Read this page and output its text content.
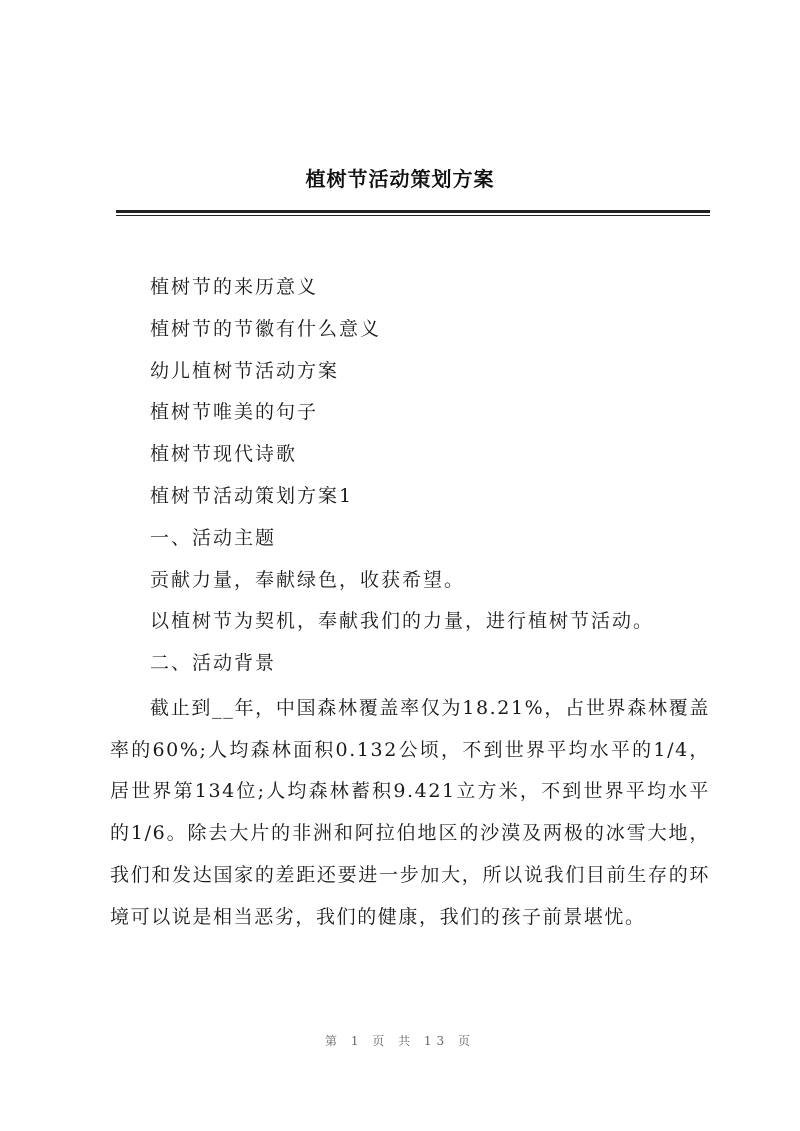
植树节活动策划方案
植树节的来历意义
植树节的节徽有什么意义
幼儿植树节活动方案
植树节唯美的句子
植树节现代诗歌
植树节活动策划方案1
一、活动主题
贡献力量，奉献绿色，收获希望。
以植树节为契机，奉献我们的力量，进行植树节活动。
二、活动背景

截止到__年，中国森林覆盖率仅为18.21%，占世界森林覆盖率的60%;人均森林面积0.132公顷，不到世界平均水平的1/4，居世界第134位;人均森林蓄积9.421立方米，不到世界平均水平的1/6。除去大片的非洲和阿拉伯地区的沙漠及两极的冰雪大地，我们和发达国家的差距还要进一步加大，所以说我们目前生存的环境可以说是相当恶劣，我们的健康，我们的孩子前景堪忧。

第 1 页 共 13 页
